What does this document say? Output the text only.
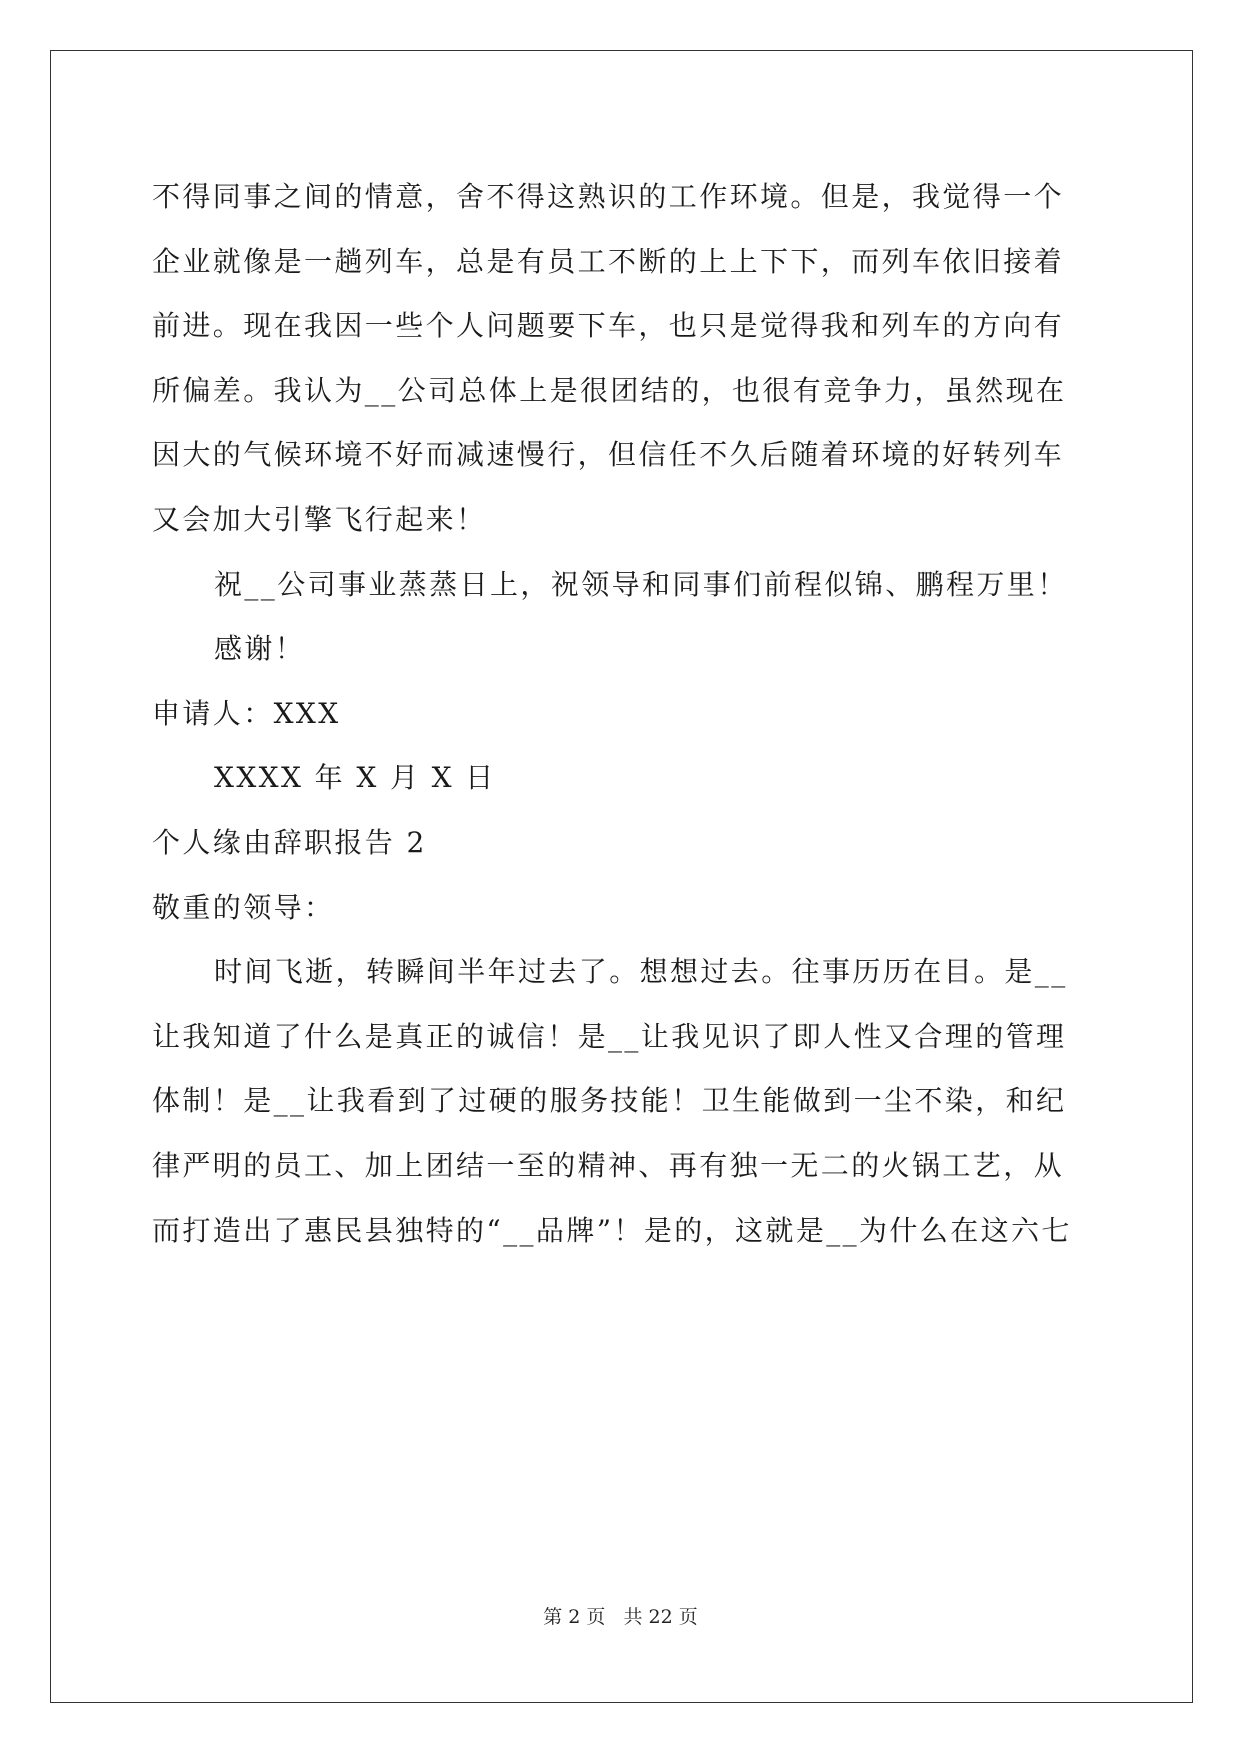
不得同事之间的情意，舍不得这熟识的工作环境。但是，我觉得一个
企业就像是一趟列车，总是有员工不断的上上下下，而列车依旧接着
前进。现在我因一些个人问题要下车，也只是觉得我和列车的方向有
所偏差。我认为__公司总体上是很团结的，也很有竞争力，虽然现在
因大的气候环境不好而减速慢行，但信任不久后随着环境的好转列车
又会加大引擎飞行起来！
祝__公司事业蒸蒸日上，祝领导和同事们前程似锦、鹏程万里！
感谢！
申请人：XXX
XXXX 年 X 月 X 日
个人缘由辞职报告 2
敬重的领导：
时间飞逝，转瞬间半年过去了。想想过去。往事历历在目。是__
让我知道了什么是真正的诚信！是__让我见识了即人性又合理的管理
体制！是__让我看到了过硬的服务技能！卫生能做到一尘不染，和纪
律严明的员工、加上团结一至的精神、再有独一无二的火锅工艺，从
而打造出了惠民县独特的“__品牌”！是的，这就是__为什么在这六七
第 2 页 共 22 页
